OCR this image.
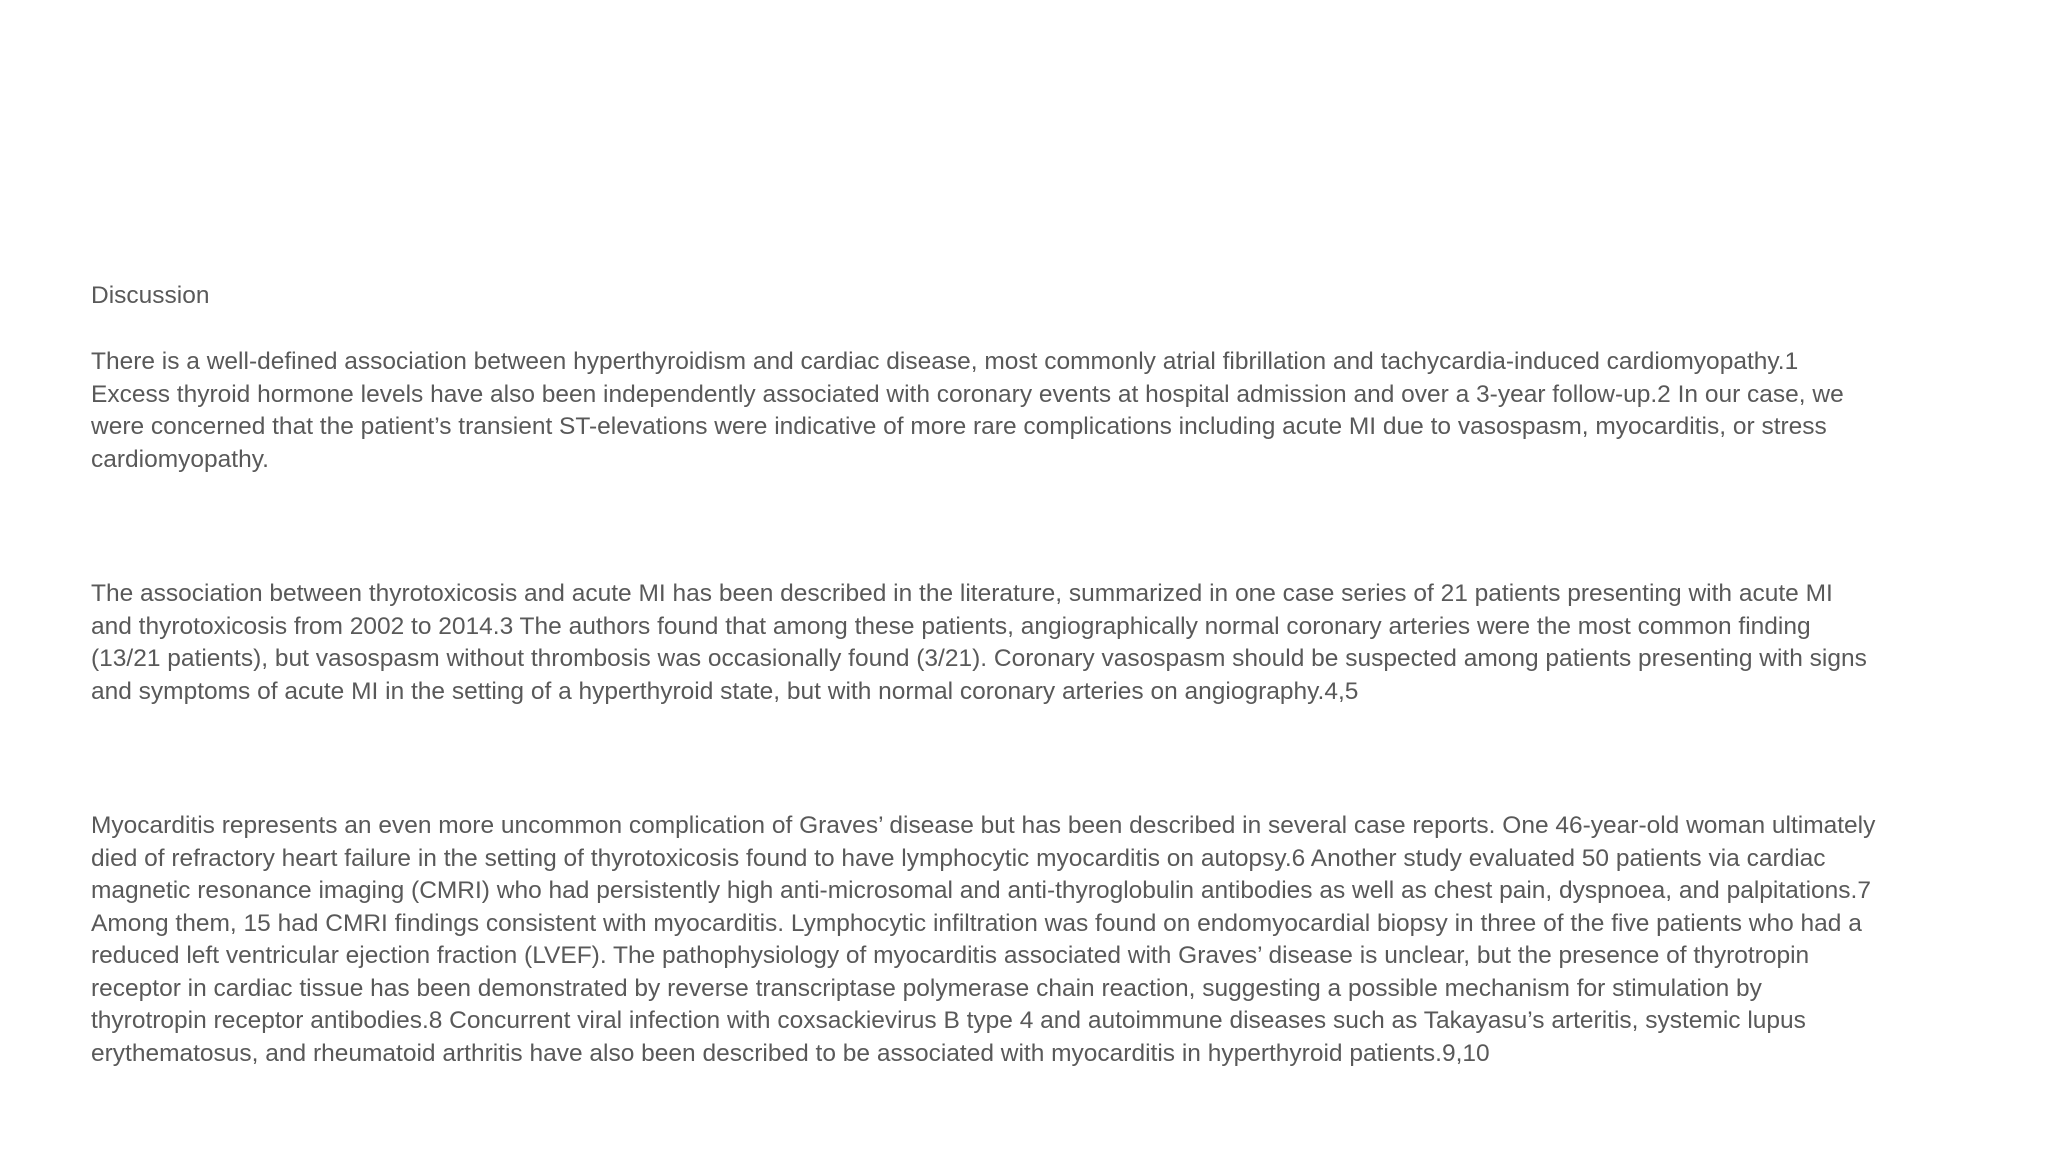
Discussion

There is a well-defined association between hyperthyroidism and cardiac disease, most commonly atrial fibrillation and tachycardia-induced cardiomyopathy.1
Excess thyroid hormone levels have also been independently associated with coronary events at hospital admission and over a 3-year follow-up.2 In our case, we
were concerned that the patient’s transient ST-elevations were indicative of more rare complications including acute MI due to vasospasm, myocarditis, or stress
cardiomyopathy.

The association between thyrotoxicosis and acute MI has been described in the literature, summarized in one case series of 21 patients presenting with acute MI
and thyrotoxicosis from 2002 to 2014.3 The authors found that among these patients, angiographically normal coronary arteries were the most common finding
(13/21 patients), but vasospasm without thrombosis was occasionally found (3/21). Coronary vasospasm should be suspected among patients presenting with signs
and symptoms of acute MI in the setting of a hyperthyroid state, but with normal coronary arteries on angiography.4,5

Myocarditis represents an even more uncommon complication of Graves’ disease but has been described in several case reports. One 46-year-old woman ultimately
died of refractory heart failure in the setting of thyrotoxicosis found to have lymphocytic myocarditis on autopsy.6 Another study evaluated 50 patients via cardiac
magnetic resonance imaging (CMRI) who had persistently high anti-microsomal and anti-thyroglobulin antibodies as well as chest pain, dyspnoea, and palpitations.7
Among them, 15 had CMRI findings consistent with myocarditis. Lymphocytic infiltration was found on endomyocardial biopsy in three of the five patients who had a
reduced left ventricular ejection fraction (LVEF). The pathophysiology of myocarditis associated with Graves’ disease is unclear, but the presence of thyrotropin
receptor in cardiac tissue has been demonstrated by reverse transcriptase polymerase chain reaction, suggesting a possible mechanism for stimulation by
thyrotropin receptor antibodies.8 Concurrent viral infection with coxsackievirus B type 4 and autoimmune diseases such as Takayasu’s arteritis, systemic lupus
erythematosus, and rheumatoid arthritis have also been described to be associated with myocarditis in hyperthyroid patients.9,10
